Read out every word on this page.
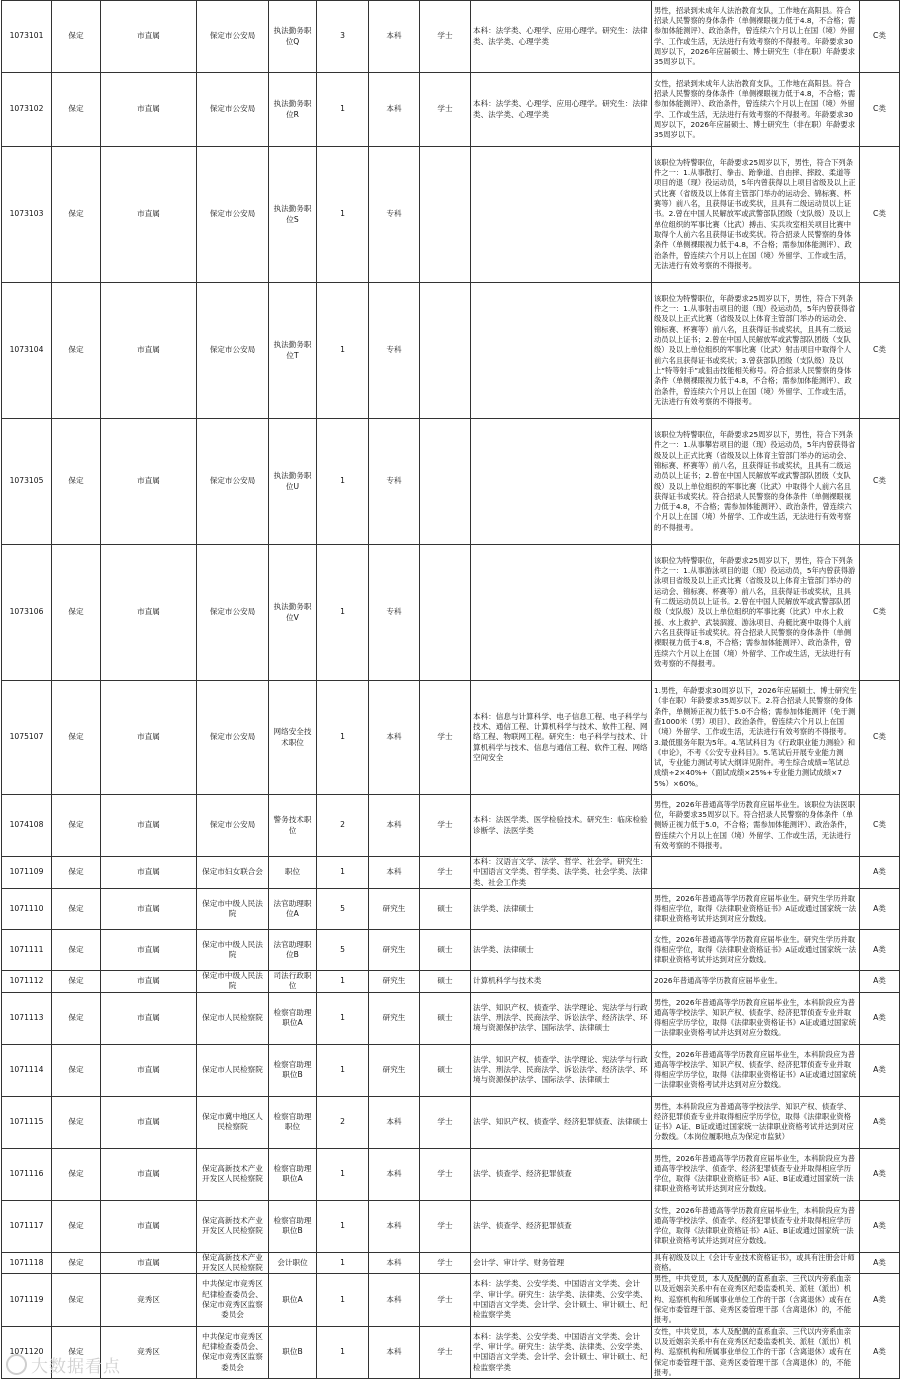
1073101	保定	市直属	保定市公安局	执法勤务职位Q	3	本科	学士	本科：法学类、心理学、应用心理学。研究生：法律类、法学类、心理学类	男性，招录到未成年人法治教育支队，工作地在高阳县。符合招录人民警察的身体条件（单侧裸眼视力低于4.8，不合格；需参加体能测评）、政治条件，曾连续六个月以上在国（境）外留学、工作或生活，无法进行有效考察的不得报考。年龄要求30周岁以下，2026年应届硕士、博士研究生（非在职）年龄要求35周岁以下。	C类
1073102	保定	市直属	保定市公安局	执法勤务职位R	1	本科	学士	本科：法学类、心理学、应用心理学。研究生：法律类、法学类、心理学类	女性，招录到未成年人法治教育支队，工作地在高阳县。符合招录人民警察的身体条件（单侧裸眼视力低于4.8，不合格；需参加体能测评）、政治条件，曾连续六个月以上在国（境）外留学、工作或生活，无法进行有效考察的不得报考。年龄要求30周岁以下，2026年应届硕士、博士研究生（非在职）年龄要求35周岁以下。	C类
1073103	保定	市直属	保定市公安局	执法勤务职位S	1	专科			该职位为特警职位，年龄要求25周岁以下，男性，符合下列条件之一：1.从事散打、拳击、跆拳道、自由摔、摔跤、柔道等项目的退（现）役运动员，5年内曾获得以上项目省级及以上正式比赛（省级及以上体育主管部门举办的运动会、锦标赛、杯赛等）前八名，且获得证书或奖状，且具有二级运动员以上证书。2.曾在中国人民解放军或武警部队团级（支队级）及以上单位组织的军事比赛（比武）搏击、实兵攻室相关项目比赛中取得个人前六名且获得证书或奖状。符合招录人民警察的身体条件（单侧裸眼视力低于4.8，不合格；需参加体能测评）、政治条件，曾连续六个月以上在国（境）外留学、工作或生活，无法进行有效考察的不得报考。	C类
1073104	保定	市直属	保定市公安局	执法勤务职位T	1	专科			该职位为特警职位，年龄要求25周岁以下，男性，符合下列条件之一：1.从事射击项目的退（现）役运动员，5年内曾获得省级及以上正式比赛（省级及以上体育主管部门举办的运动会、锦标赛、杯赛等）前八名，且获得证书或奖状，且具有二级运动员以上证书；2.曾在中国人民解放军或武警部队团级（支队级）及以上单位组织的军事比赛（比武）射击项目中取得个人前六名且获得证书或奖状；3.曾获部队团级（支队级）及以上“特等射手”或狙击技能相关称号。符合招录人民警察的身体条件（单侧裸眼视力低于4.8，不合格；需参加体能测评）、政治条件，曾连续六个月以上在国（境）外留学、工作或生活，无法进行有效考察的不得报考。	C类
1073105	保定	市直属	保定市公安局	执法勤务职位U	1	专科			该职位为特警职位，年龄要求25周岁以下，男性，符合下列条件之一：1.从事攀岩项目的退（现）役运动员，5年内曾获得省级及以上正式比赛（省级及以上体育主管部门举办的运动会、锦标赛、杯赛等）前八名，且获得证书或奖状，且具有二级运动员以上证书；2.曾在中国人民解放军或武警部队团级（支队级）及以上单位组织的军事比赛（比武）中取得个人前六名且获得证书或奖状。符合招录人民警察的身体条件（单侧裸眼视力低于4.8，不合格；需参加体能测评）、政治条件，曾连续六个月以上在国（境）外留学、工作或生活，无法进行有效考察的不得报考。	C类
1073106	保定	市直属	保定市公安局	执法勤务职位V	1	专科			该职位为特警职位，年龄要求25周岁以下，男性，符合下列条件之一：1.从事游泳项目的退（现）役运动员，5年内曾获得游泳项目省级及以上正式比赛（省级及以上体育主管部门举办的运动会、锦标赛、杯赛等）前八名，且获得证书或奖状，且具有二级运动员以上证书。2.曾在中国人民解放军或武警部队团级（支队级）及以上单位组织的军事比赛（比武）中水上救援、水上救护、武装泅渡、游泳项目、舟艇比赛中取得个人前六名且获得证书或奖状。符合招录人民警察的身体条件（单侧裸眼视力低于4.8，不合格；需参加体能测评）、政治条件，曾连续六个月以上在国（境）外留学、工作或生活，无法进行有效考察的不得报考。	C类
1075107	保定	市直属	保定市公安局	网络安全技术职位	1	本科	学士	本科：信息与计算科学、电子信息工程、电子科学与技术、通信工程、计算机科学与技术、软件工程、网络工程、物联网工程。研究生：电子科学与技术、计算机科学与技术、信息与通信工程、软件工程、网络空间安全	1.男性，年龄要求30周岁以下，2026年应届硕士、博士研究生（非在职）年龄要求35周岁以下。2.符合招录人民警察的身体条件，单侧矫正视力低于5.0不合格；需参加体能测评（免于测查1000米（男）项目）、政治条件，曾连续六个月以上在国（境）外留学、工作或生活，无法进行有效考察的不得报考。3.最低服务年限为5年。4.笔试科目为《行政职业能力测验》和《申论》，不考《公安专业科目》。5.笔试后开展专业能力测试，专业能力测试考试大纲详见附件。考生综合成绩=笔试总成绩÷2×40%+（面试成绩×25%+专业能力测试成绩×75%）×60%。	C类
1074108	保定	市直属	保定市公安局	警务技术职位	2	本科	学士	本科：法医学类、医学检验技术。研究生：临床检验诊断学、法医学类	男性，2026年普通高等学历教育应届毕业生。该职位为法医职位，年龄要求35周岁以下。符合招录人民警察的身体条件（单侧矫正视力低于5.0，不合格；需参加体能测评）、政治条件，曾连续六个月以上在国（境）外留学、工作或生活，无法进行有效考察的不得报考。	C类
1071109	保定	市直属	保定市妇女联合会	职位	1	本科	学士	本科：汉语言文学、法学、哲学、社会学。研究生：中国语言文学类、哲学类、法学类、社会学类、法律类、社会工作类		A类
1071110	保定	市直属	保定市中级人民法院	法官助理职位A	5	研究生	硕士	法学类、法律硕士	男性，2026年普通高等学历教育应届毕业生。研究生学历并取得相应学位，取得《法律职业资格证书》A证或通过国家统一法律职业资格考试并达到对应分数线。	A类
1071111	保定	市直属	保定市中级人民法院	法官助理职位B	5	研究生	硕士	法学类、法律硕士	女性，2026年普通高等学历教育应届毕业生。研究生学历并取得相应学位，取得《法律职业资格证书》A证或通过国家统一法律职业资格考试并达到对应分数线。	A类
1071112	保定	市直属	保定市中级人民法院	司法行政职位	1	研究生	硕士	计算机科学与技术类	2026年普通高等学历教育应届毕业生。	A类
1071113	保定	市直属	保定市人民检察院	检察官助理职位A	1	研究生	硕士	法学、知识产权、侦查学、法学理论、宪法学与行政法学、刑法学、民商法学、诉讼法学、经济法学、环境与资源保护法学、国际法学、法律硕士	男性，2026年普通高等学历教育应届毕业生，本科阶段应为普通高等学校法学、知识产权、侦查学、经济犯罪侦查专业并取得相应学历学位，取得《法律职业资格证书》A证或通过国家统一法律职业资格考试并达到对应分数线。	A类
1071114	保定	市直属	保定市人民检察院	检察官助理职位B	1	研究生	硕士	法学、知识产权、侦查学、法学理论、宪法学与行政法学、刑法学、民商法学、诉讼法学、经济法学、环境与资源保护法学、国际法学、法律硕士	女性，2026年普通高等学历教育应届毕业生，本科阶段应为普通高等学校法学、知识产权、侦查学、经济犯罪侦查专业并取得相应学历学位，取得《法律职业资格证书》A证或通过国家统一法律职业资格考试并达到对应分数线。	A类
1071115	保定	市直属	保定市冀中地区人民检察院	检察官助理职位	2	本科	学士	法学、知识产权、侦查学、经济犯罪侦查、法律硕士	男性，本科阶段应为普通高等学校法学、知识产权、侦查学、经济犯罪侦查专业并取得相应学历学位，取得《法律职业资格证书》A证、B证或通过国家统一法律职业资格考试并达到对应分数线。（本岗位履职地点为保定市监狱）	A类
1071116	保定	市直属	保定高新技术产业开发区人民检察院	检察官助理职位A	1	本科	学士	法学、侦查学、经济犯罪侦查	男性，2026年普通高等学历教育应届毕业生，本科阶段应为普通高等学校法学、侦查学、经济犯罪侦查专业并取得相应学历学位，取得《法律职业资格证书》A证、B证或通过国家统一法律职业资格考试并达到对应分数线。	A类
1071117	保定	市直属	保定高新技术产业开发区人民检察院	检察官助理职位B	1	本科	学士	法学、侦查学、经济犯罪侦查	女性，2026年普通高等学历教育应届毕业生，本科阶段应为普通高等学校法学、侦查学、经济犯罪侦查专业并取得相应学历学位，取得《法律职业资格证书》A证、B证或通过国家统一法律职业资格考试并达到对应分数线。	A类
1071118	保定	市直属	保定高新技术产业开发区人民检察院	会计职位	1	本科	学士	会计学、审计学、财务管理	具有初级及以上《会计专业技术资格证书》，或具有注册会计师资格。	A类
1071119	保定	竞秀区	中共保定市竞秀区纪律检查委员会、保定市竞秀区监察委员会	职位A	1	本科	学士	本科：法学类、公安学类、中国语言文学类、会计学、审计学。研究生：法学类、法律类、公安学类、中国语言文学类、会计学、会计硕士、审计硕士、纪检监察学类	男性，中共党员，本人及配偶的直系血亲、三代以内旁系血亲以及近姻亲关系中有在竞秀区纪委监委机关、派驻（派出）机构、巡察机构和所属事业单位工作的干部（含离退休）或有在保定市委管理干部、竞秀区委管理干部（含离退休）的，不能报考。	A类
1071120	保定	竞秀区	中共保定市竞秀区纪律检查委员会、保定市竞秀区监察委员会	职位B	1	本科	学士	本科：法学类、公安学类、中国语言文学类、会计学、审计学。研究生：法学类、法律类、公安学类、中国语言文学类、会计学、会计硕士、审计硕士、纪检监察学类	女性，中共党员，本人及配偶的直系血亲、三代以内旁系血亲以及近姻亲关系中有在竞秀区纪委监委机关、派驻（派出）机构、巡察机构和所属事业单位工作的干部（含离退休）或有在保定市委管理干部、竞秀区委管理干部（含离退休）的，不能报考。	A类
大数据看点
